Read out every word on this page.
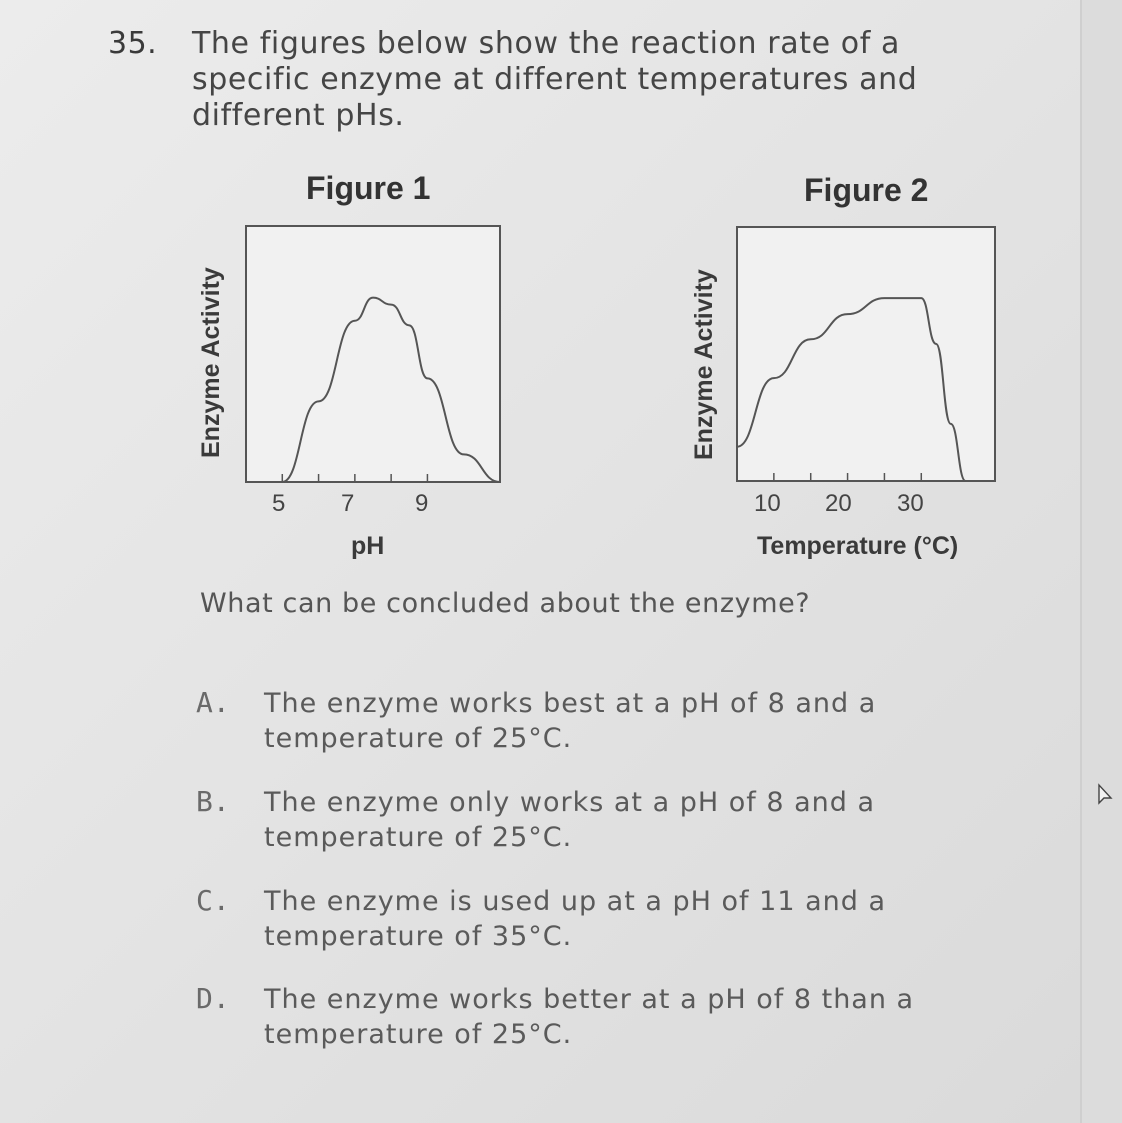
35. The figures below show the reaction rate of a
specific enzyme at different temperatures and
different pHs.
Figure 1
Enzyme Activity
5 7	9
pH
Figure 2
Enzyme Activity
10 20 30
Temperature (°C)
What can be concluded about the enzyme?
A. The enzyme works best at a pH of 8 and a
temperature of 25°C.
B. The enzyme only works at a pH of 8 and a
temperature of 25°C.
C. The enzyme is used up at a pH of 11 and a
temperature of 35°C.
D. The enzyme works better at a pH of 8 than a
temperature of 25°C.
